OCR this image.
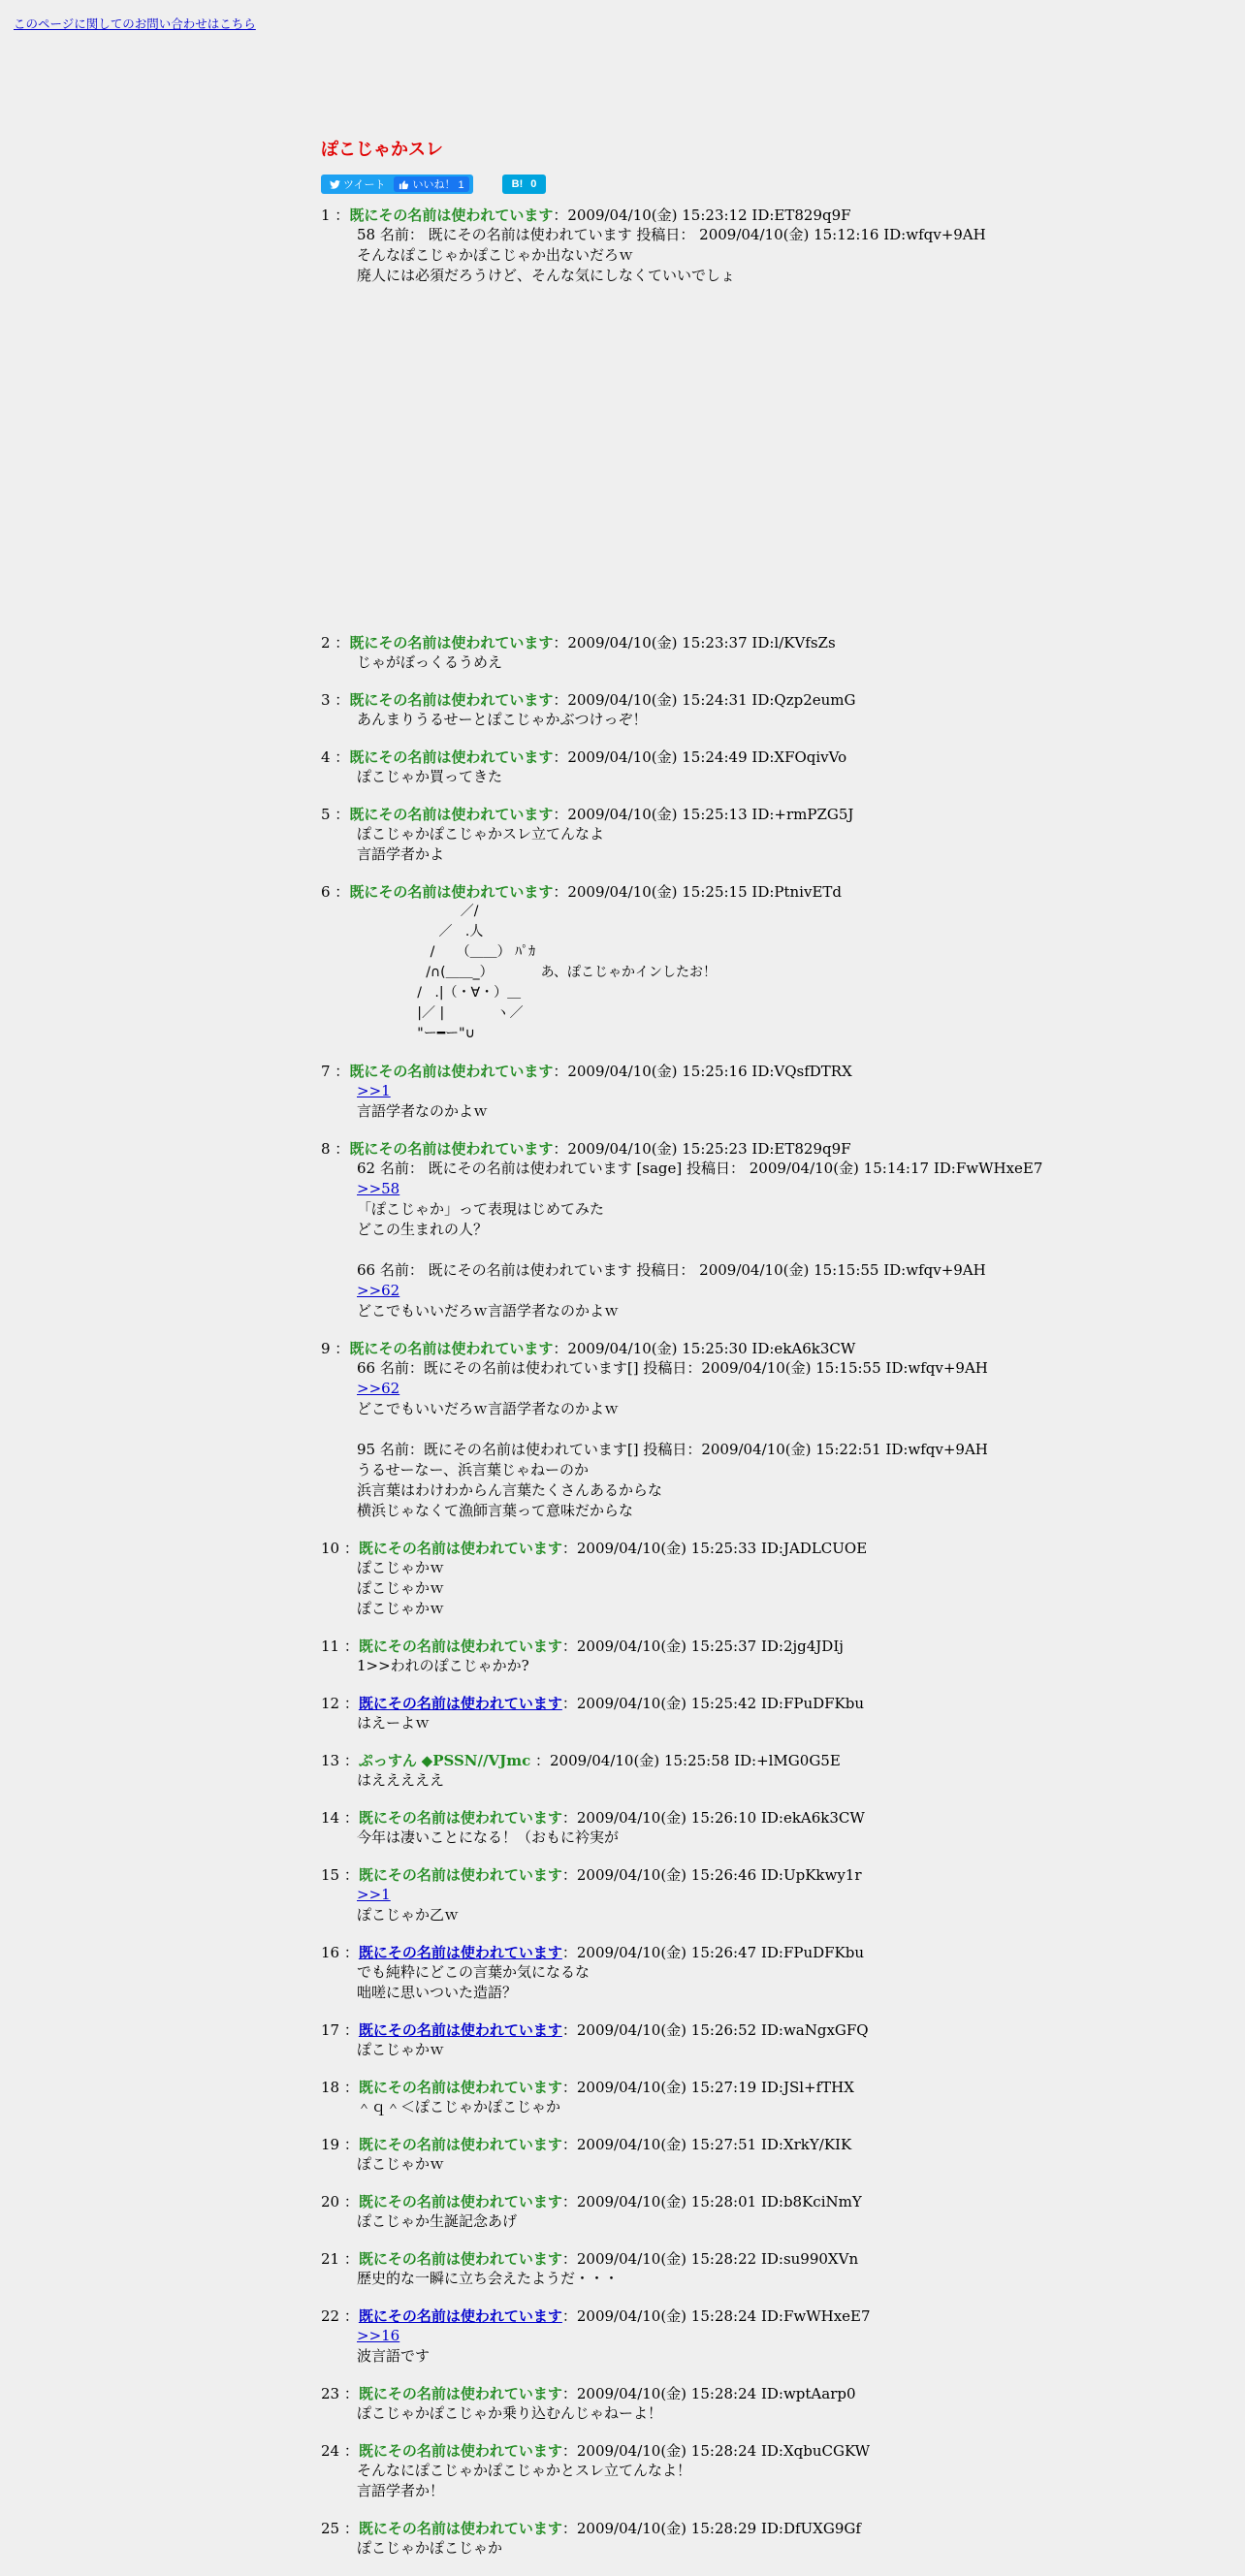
このページに関してのお問い合わせはこちら
ぽこじゃかスレ
ツイート	いいね！ 1	B! 0
1 ：既にその名前は使われています：2009/04/10(金) 15:23:12 ID:ET829q9F
58 名前： 既にその名前は使われています 投稿日： 2009/04/10(金) 15:12:16 ID:wfqv+9AH
そんなぽこじゃかぽこじゃか出ないだろｗ
廃人には必須だろうけど、そんな気にしなくていいでしょ
2 ：既にその名前は使われています：2009/04/10(金) 15:23:37 ID:l/KVfsZs
じゃがぼっくるうめえ
3 ：既にその名前は使われています：2009/04/10(金) 15:24:31 ID:Qzp2eumG
あんまりうるせーとぽこじゃかぶつけっぞ！
4 ：既にその名前は使われています：2009/04/10(金) 15:24:49 ID:XFOqivVo
ぽこじゃか買ってきた
5 ：既にその名前は使われています：2009/04/10(金) 15:25:13 ID:+rmPZG5J
ぽこじゃかぽこじゃかスレ立てんなよ
言語学者かよ
6 ：既にその名前は使われています：2009/04/10(金) 15:25:15 ID:PtnivETd
／/
／   .人
/     （＿＿） ﾊﾟｶ
/∩(＿＿_）           あ、ぽこじゃかインしたお！
/   .|（・∀・）＿
|／ |            ヽ／
"ー━ー"∪
7 ：既にその名前は使われています：2009/04/10(金) 15:25:16 ID:VQsfDTRX
>>1
言語学者なのかよｗ
8 ：既にその名前は使われています：2009/04/10(金) 15:25:23 ID:ET829q9F
62 名前： 既にその名前は使われています [sage] 投稿日： 2009/04/10(金) 15:14:17 ID:FwWHxeE7
>>58
「ぽこじゃか」って表現はじめてみた
どこの生まれの人？

66 名前： 既にその名前は使われています 投稿日： 2009/04/10(金) 15:15:55 ID:wfqv+9AH
>>62
どこでもいいだろｗ言語学者なのかよｗ
9 ：既にその名前は使われています：2009/04/10(金) 15:25:30 ID:ekA6k3CW
66 名前：既にその名前は使われています[] 投稿日：2009/04/10(金) 15:15:55 ID:wfqv+9AH
>>62
どこでもいいだろｗ言語学者なのかよｗ

95 名前：既にその名前は使われています[] 投稿日：2009/04/10(金) 15:22:51 ID:wfqv+9AH
うるせーなー、浜言葉じゃねーのか
浜言葉はわけわからん言葉たくさんあるからな
横浜じゃなくて漁師言葉って意味だからな
10 ：既にその名前は使われています：2009/04/10(金) 15:25:33 ID:JADLCUOE
ぽこじゃかｗ
ぽこじゃかｗ
ぽこじゃかｗ
11 ：既にその名前は使われています：2009/04/10(金) 15:25:37 ID:2jg4JDIj
1>>われのぽこじゃかか?
12 ：既にその名前は使われています：2009/04/10(金) 15:25:42 ID:FPuDFKbu
はえーよｗ
13 ：ぷっすん ◆PSSN//VJmc ：2009/04/10(金) 15:25:58 ID:+lMG0G5E
はえええええ
14 ：既にその名前は使われています：2009/04/10(金) 15:26:10 ID:ekA6k3CW
今年は凄いことになる！（おもに衿実が
15 ：既にその名前は使われています：2009/04/10(金) 15:26:46 ID:UpKkwy1r
>>1
ぽこじゃか乙ｗ
16 ：既にその名前は使われています：2009/04/10(金) 15:26:47 ID:FPuDFKbu
でも純粋にどこの言葉か気になるな
咄嗟に思いついた造語？
17 ：既にその名前は使われています：2009/04/10(金) 15:26:52 ID:waNgxGFQ
ぽこじゃかｗ
18 ：既にその名前は使われています：2009/04/10(金) 15:27:19 ID:JSl+fTHX
＾ｑ＾＜ぽこじゃかぽこじゃか
19 ：既にその名前は使われています：2009/04/10(金) 15:27:51 ID:XrkY/KIK
ぽこじゃかｗ
20 ：既にその名前は使われています：2009/04/10(金) 15:28:01 ID:b8KciNmY
ぽこじゃか生誕記念あげ
21 ：既にその名前は使われています：2009/04/10(金) 15:28:22 ID:su990XVn
歴史的な一瞬に立ち会えたようだ・・・
22 ：既にその名前は使われています：2009/04/10(金) 15:28:24 ID:FwWHxeE7
>>16
波言語です
23 ：既にその名前は使われています：2009/04/10(金) 15:28:24 ID:wptAarp0
ぽこじゃかぽこじゃか乗り込むんじゃねーよ！
24 ：既にその名前は使われています：2009/04/10(金) 15:28:24 ID:XqbuCGKW
そんなにぽこじゃかぽこじゃかとスレ立てんなよ！
言語学者か！
25 ：既にその名前は使われています：2009/04/10(金) 15:28:29 ID:DfUXG9Gf
ぽこじゃかぽこじゃか
